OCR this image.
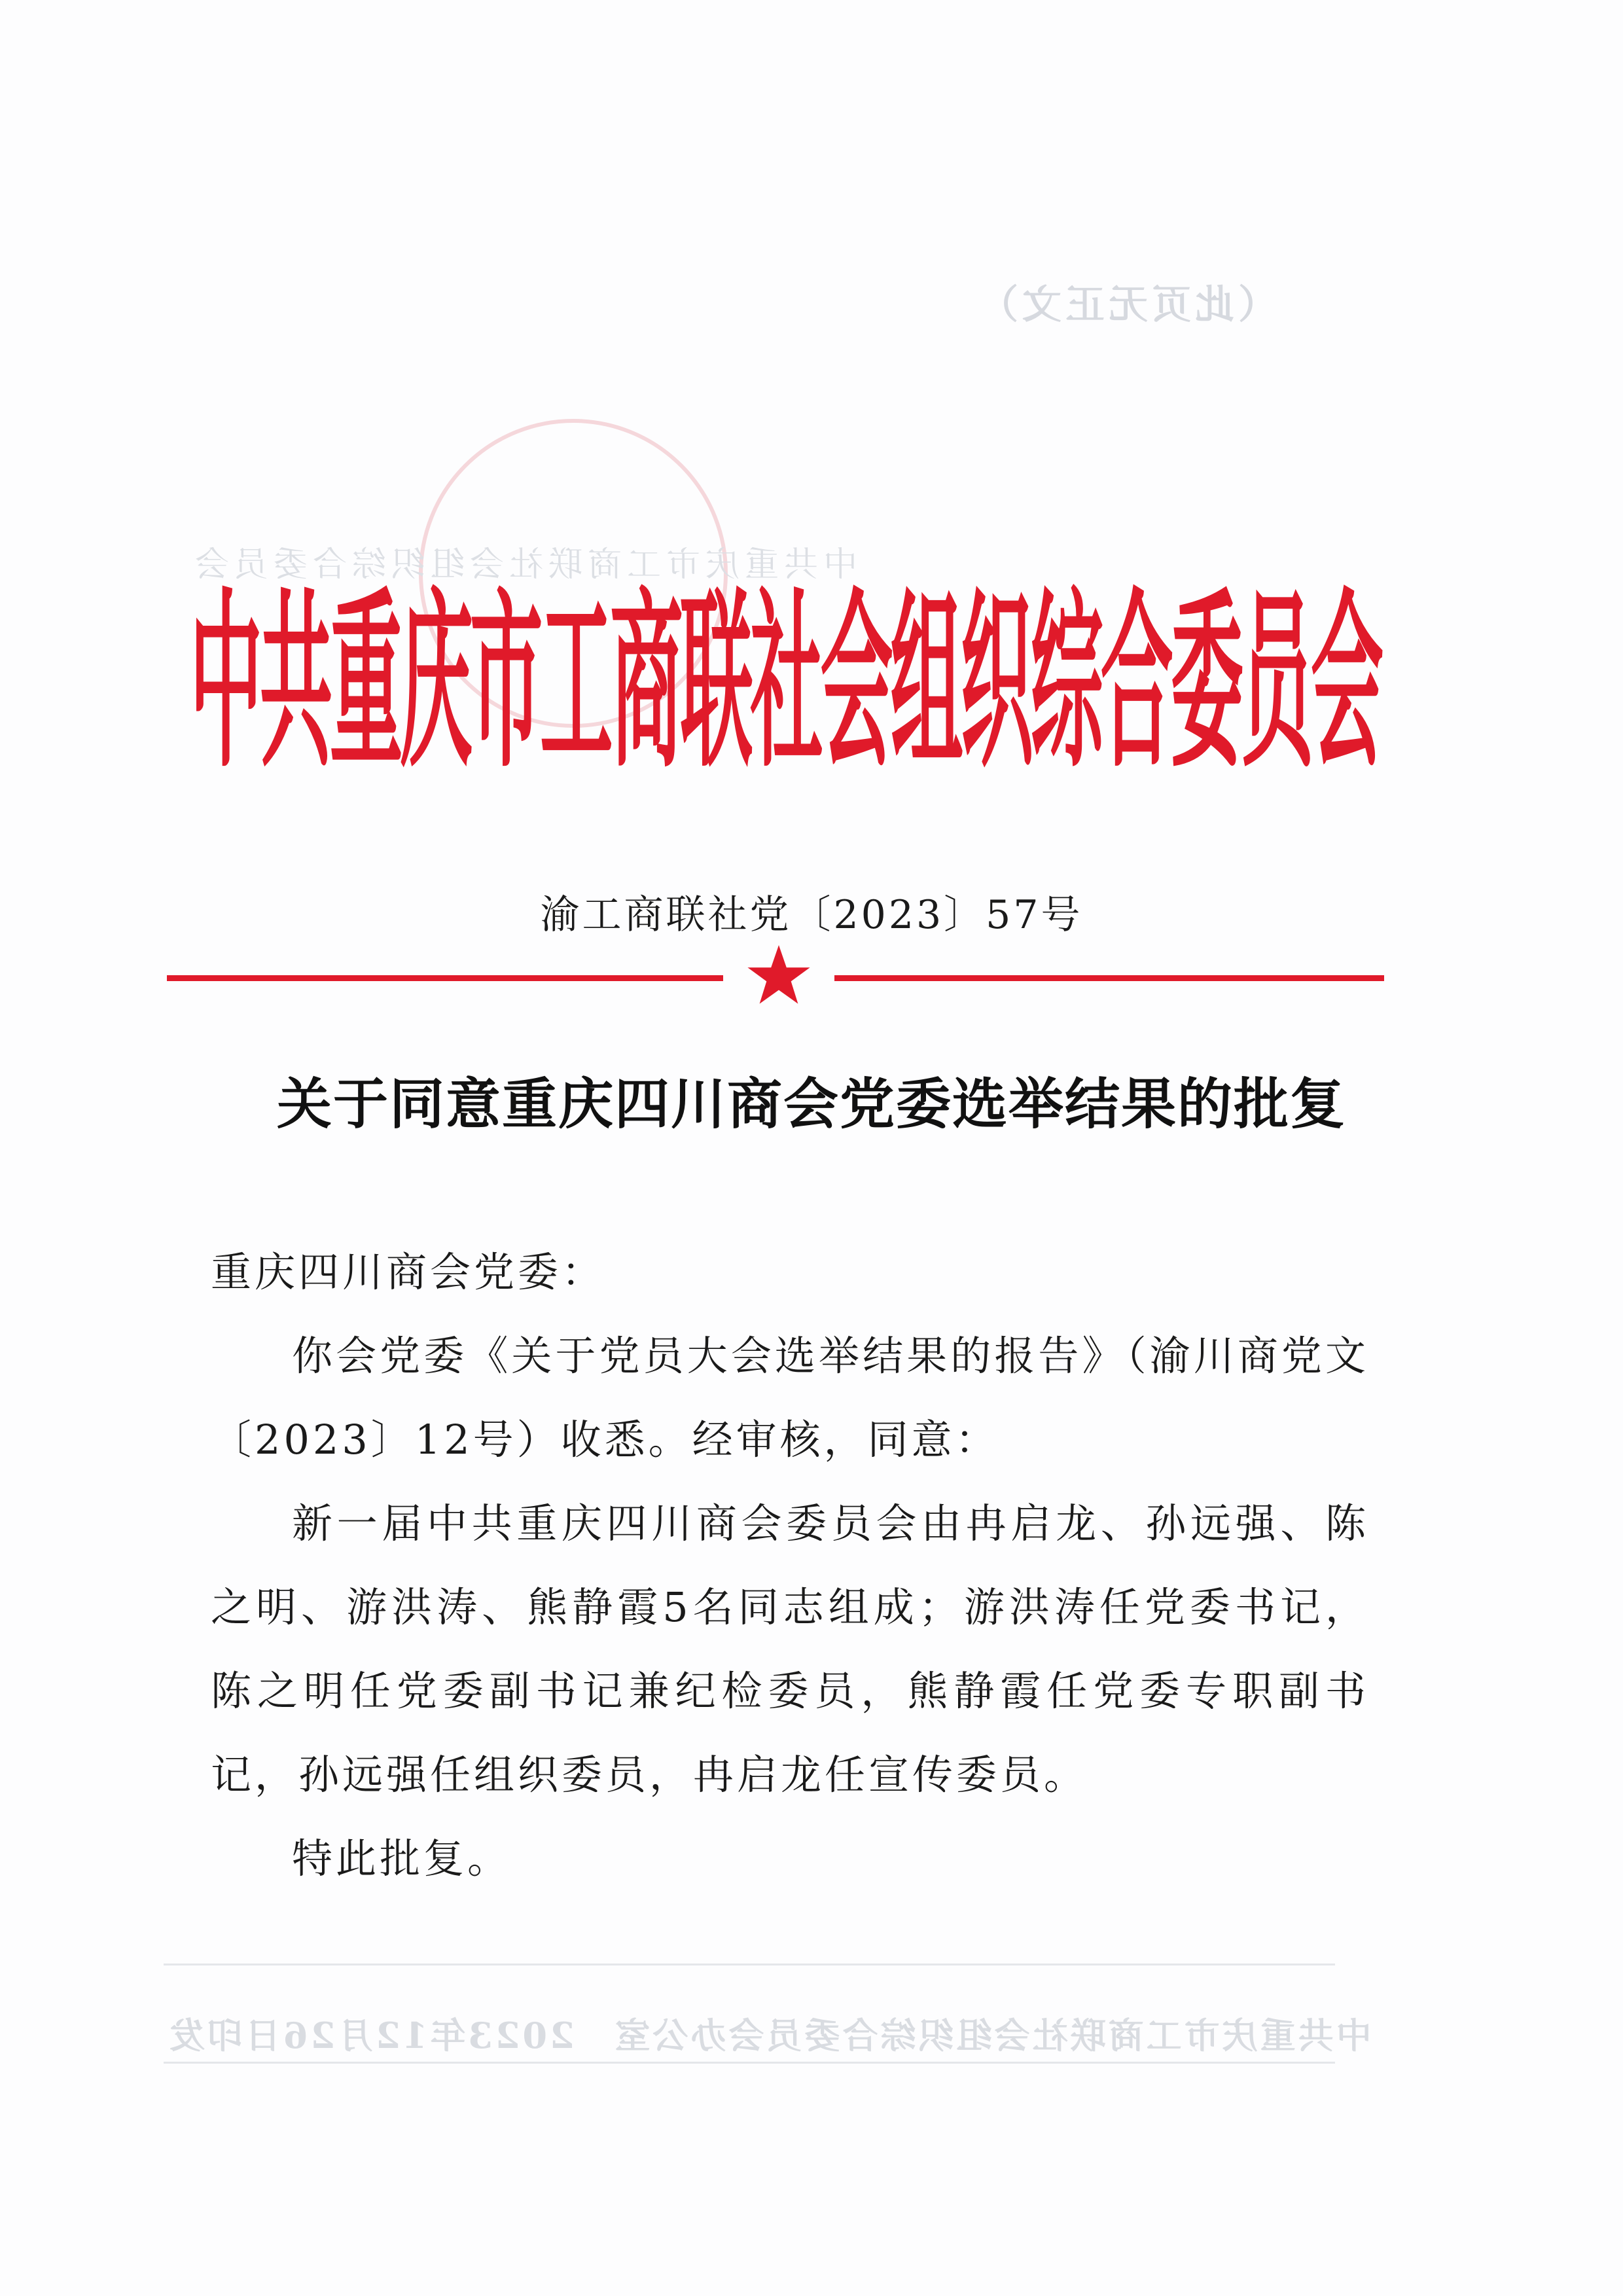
（此页无正文）
中共重庆市工商联社会组织综合委员会
中共重庆市工商联社会组织综合委员会办公室　2023年12月26日印发
中共重庆市工商联社会组织综合委员会
渝工商联社党〔2023〕57号
关于同意重庆四川商会党委选举结果的批复

重庆四川商会党委：

你会党委《关于党员大会选举结果的报告》（渝川商党文〔2023〕12号）收悉。经审核，同意：

新一届中共重庆四川商会委员会由冉启龙、孙远强、陈之明、游洪涛、熊静霞5名同志组成；游洪涛任党委书记，陈之明任党委副书记兼纪检委员，熊静霞任党委专职副书记，孙远强任组织委员，冉启龙任宣传委员。

特此批复。
